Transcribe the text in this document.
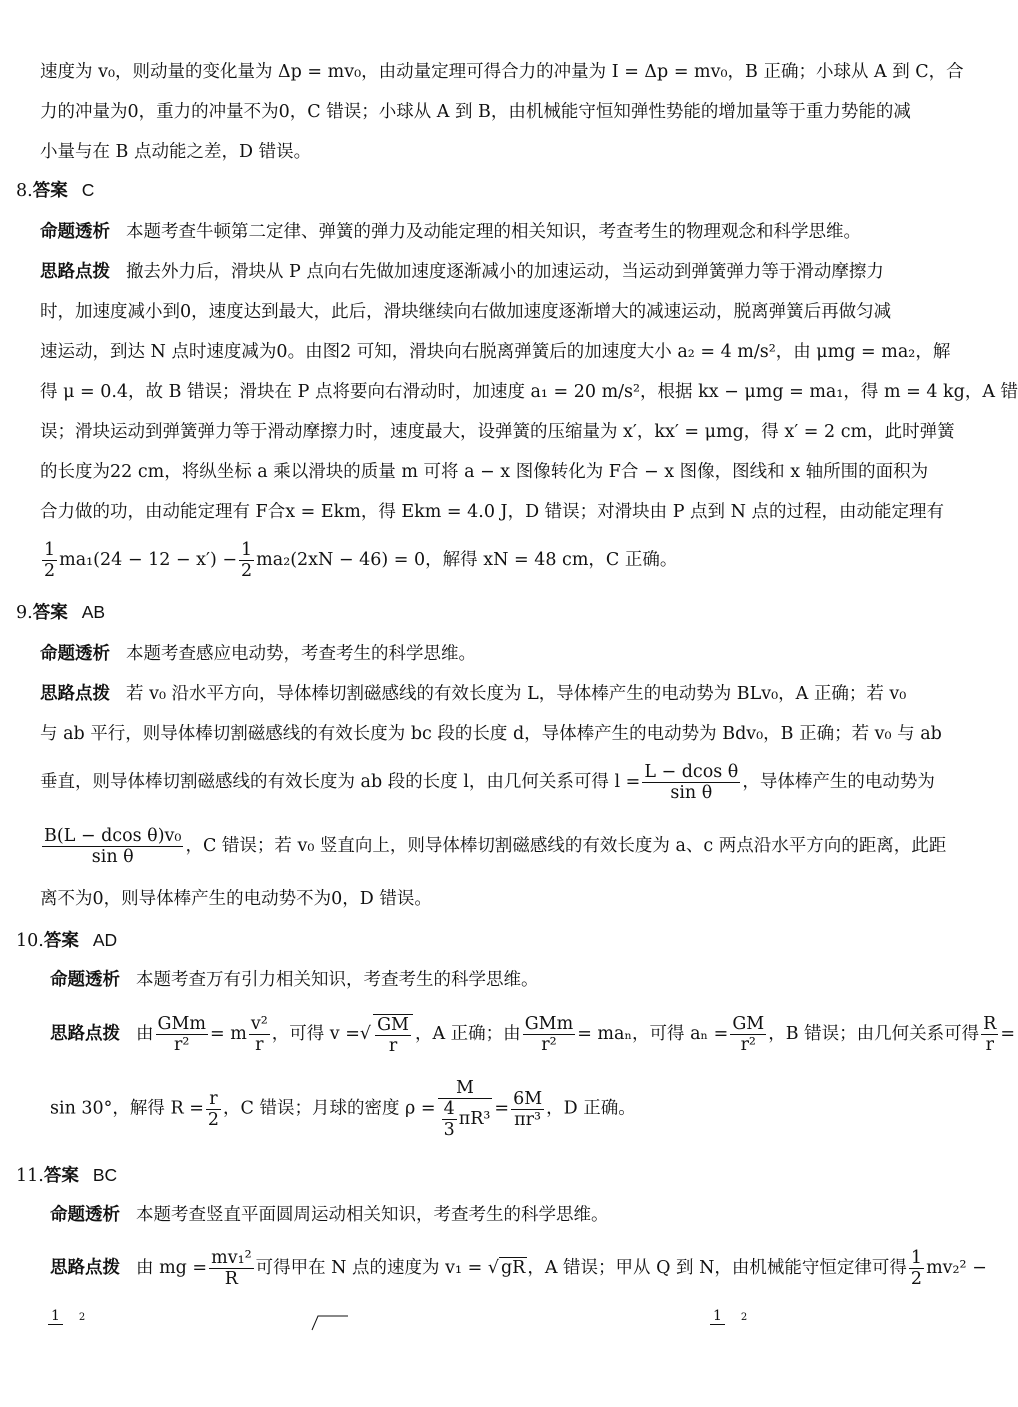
速度为 v₀，则动量的变化量为 Δp = mv₀，由动量定理可得合力的冲量为 I = Δp = mv₀，B 正确；小球从 A 到 C，合
力的冲量为0，重力的冲量不为0，C 错误；小球从 A 到 B，由机械能守恒知弹性势能的增加量等于重力势能的减
小量与在 B 点动能之差，D 错误。
8.答案 C
命题透析 本题考查牛顿第二定律、弹簧的弹力及动能定理的相关知识，考查考生的物理观念和科学思维。
思路点拨 撤去外力后，滑块从 P 点向右先做加速度逐渐减小的加速运动，当运动到弹簧弹力等于滑动摩擦力
时，加速度减小到0，速度达到最大，此后，滑块继续向右做加速度逐渐增大的减速运动，脱离弹簧后再做匀减
速运动，到达 N 点时速度减为0。由图2 可知，滑块向右脱离弹簧后的加速度大小 a₂ = 4 m/s²，由 μmg = ma₂，解
得 μ = 0.4，故 B 错误；滑块在 P 点将要向右滑动时，加速度 a₁ = 20 m/s²，根据 kx − μmg = ma₁，得 m = 4 kg，A 错
误；滑块运动到弹簧弹力等于滑动摩擦力时，速度最大，设弹簧的压缩量为 x′，kx′ = μmg，得 x′ = 2 cm，此时弹簧
的长度为22 cm，将纵坐标 a 乘以滑块的质量 m 可将 a − x 图像转化为 F合 − x 图像，图线和 x 轴所围的面积为
合力做的功，由动能定理有 F合x = Ekm，得 Ekm = 4.0 J，D 错误；对滑块由 P 点到 N 点的过程，由动能定理有
$\frac{1}{2} ma_1(24 - 12 - x') - \frac{1}{2} ma_2(2xN - 46) = 0$，解得 xN = 48 cm，C 正确。
9.答案 AB
命题透析 本题考查感应电动势，考查考生的科学思维。
思路点拨 若 v₀ 沿水平方向，导体棒切割磁感线的有效长度为 L，导体棒产生的电动势为 BLv₀，A 正确；若 v₀
与 ab 平行，则导体棒切割磁感线的有效长度为 bc 段的长度 d，导体棒产生的电动势为 Bdv₀，B 正确；若 v₀ 与 ab
垂直，则导体棒切割磁感线的有效长度为 ab 段的长度 l，由几何关系可得 $l = \frac{\text{L − dcos θ}}{\text{sin θ}}$ ，导体棒产生的电动势为
$\frac{\text{B(L − dcos θ)v₀}}{\text{sin θ}}$ ，C 错误；若 v₀ 竖直向上，则导体棒切割磁感线的有效长度为 a、c 两点沿水平方向的距离，此距
离不为0，则导体棒产生的电动势不为0，D 错误。
10.答案 AD
命题透析 本题考查万有引力相关知识，考查考生的科学思维。
思路点拨 由 $\frac{\text{GMm}}{\text{r²}} = m \frac{\text{v²}}{r}$ ，可得 v =√ $\frac{GM}{r}$ ，A 正确；由 $\frac{\text{GMm}}{\text{r²}} = ma_n$，可得 $a_n = \frac{GM}{\text{r²}}$ ，B 错误；由几何关系可得 $\frac{R}{r}$ =
sin 30°，解得 $R = \frac{r}{2}$ ，C 错误；月球的密度 $\rho = \frac{M}{\frac{4}{3} \pi R^3} = \frac{6M}{\text{πr³}}$ ，D 正确。
11.答案 BC
命题透析 本题考查竖直平面圆周运动相关知识，考查考生的科学思维。
思路点拨 由 mg = $\frac{\text{mv₁²}}{R}$ 可得甲在 N 点的速度为 v₁ = √ gR ，A 错误；甲从 Q 到 N，由机械能守恒定律可得 $\frac{1}{2} mv_2^2$ −
1 2	1 2
